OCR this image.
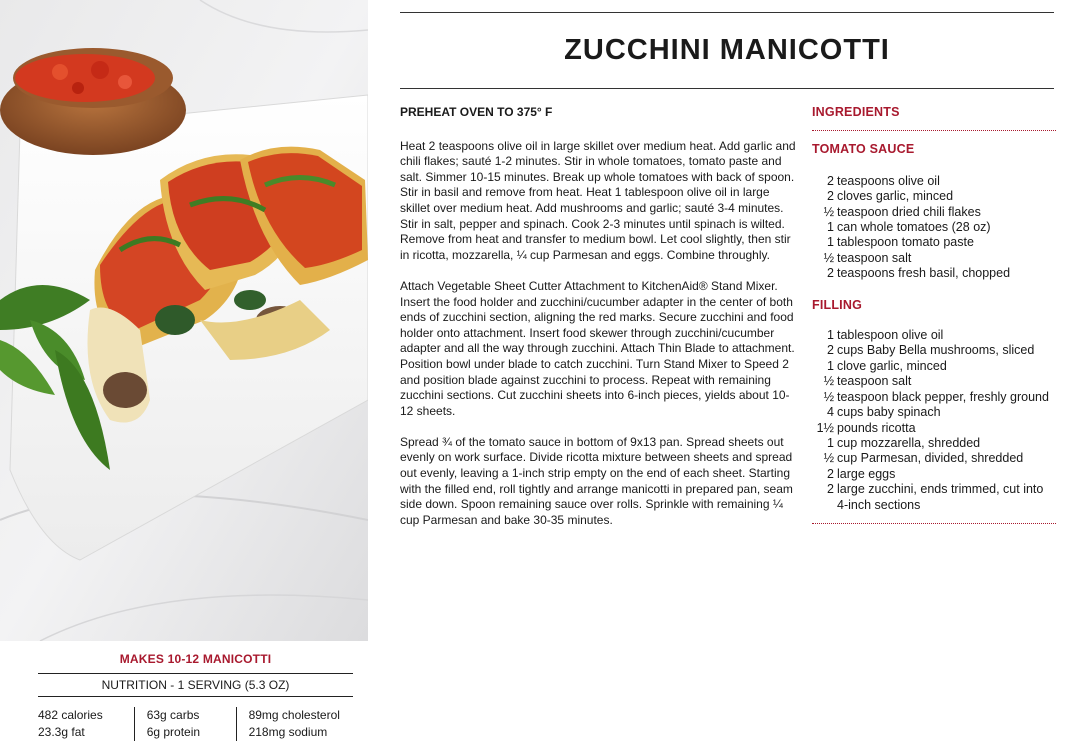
MAKES 10-12 MANICOTTI
NUTRITION - 1 SERVING (5.3 OZ)
482 calories
23.3g fat
63g carbs
6g protein
89mg cholesterol
218mg sodium
ZUCCHINI MANICOTTI
PREHEAT OVEN TO 375° F

Heat 2 teaspoons olive oil in large skillet over medium heat. Add garlic and chili flakes; sauté 1-2 minutes. Stir in whole tomatoes, tomato paste and salt. Simmer 10-15 minutes. Break up whole tomatoes with back of spoon. Stir in basil and remove from heat. Heat 1 tablespoon olive oil in large skillet over medium heat. Add mushrooms and garlic; sauté 3-4 minutes. Stir in salt, pepper and spinach. Cook 2-3 minutes until spinach is wilted. Remove from heat and transfer to medium bowl. Let cool slightly, then stir in ricotta, mozzarella, ¼ cup Parmesan and eggs. Combine throughly.

Attach Vegetable Sheet Cutter Attachment to KitchenAid® Stand Mixer. Insert the food holder and zucchini/cucumber adapter in the center of both ends of zucchini section, aligning the red marks. Secure zucchini and food holder onto attachment. Insert food skewer through zucchini/cucumber adapter and all the way through zucchini. Attach Thin Blade to attachment. Position bowl under blade to catch zucchini. Turn Stand Mixer to Speed 2 and position blade against zucchini to process. Repeat with remaining zucchini sections. Cut zucchini sheets into 6-inch pieces, yields about 10-12 sheets.

Spread ¾ of the tomato sauce in bottom of 9x13 pan. Spread sheets out evenly on work surface. Divide ricotta mixture between sheets and spread out evenly, leaving a 1-inch strip empty on the end of each sheet. Starting with the filled end, roll tightly and arrange manicotti in prepared pan, seam side down. Spoon remaining sauce over rolls. Sprinkle with remaining ¼ cup Parmesan and bake 30-35 minutes.

INGREDIENTS
TOMATO SAUCE
2 teaspoons olive oil
2 cloves garlic, minced
½ teaspoon dried chili flakes
1 can whole tomatoes (28 oz)
1 tablespoon tomato paste
½ teaspoon salt
2 teaspoons fresh basil, chopped
FILLING
1 tablespoon olive oil
2 cups Baby Bella mushrooms, sliced
1 clove garlic, minced
½ teaspoon salt
½ teaspoon black pepper, freshly ground
4 cups baby spinach
1½ pounds ricotta
1 cup mozzarella, shredded
½ cup Parmesan, divided, shredded
2 large eggs
2 large zucchini, ends trimmed, cut into 4-inch sections
